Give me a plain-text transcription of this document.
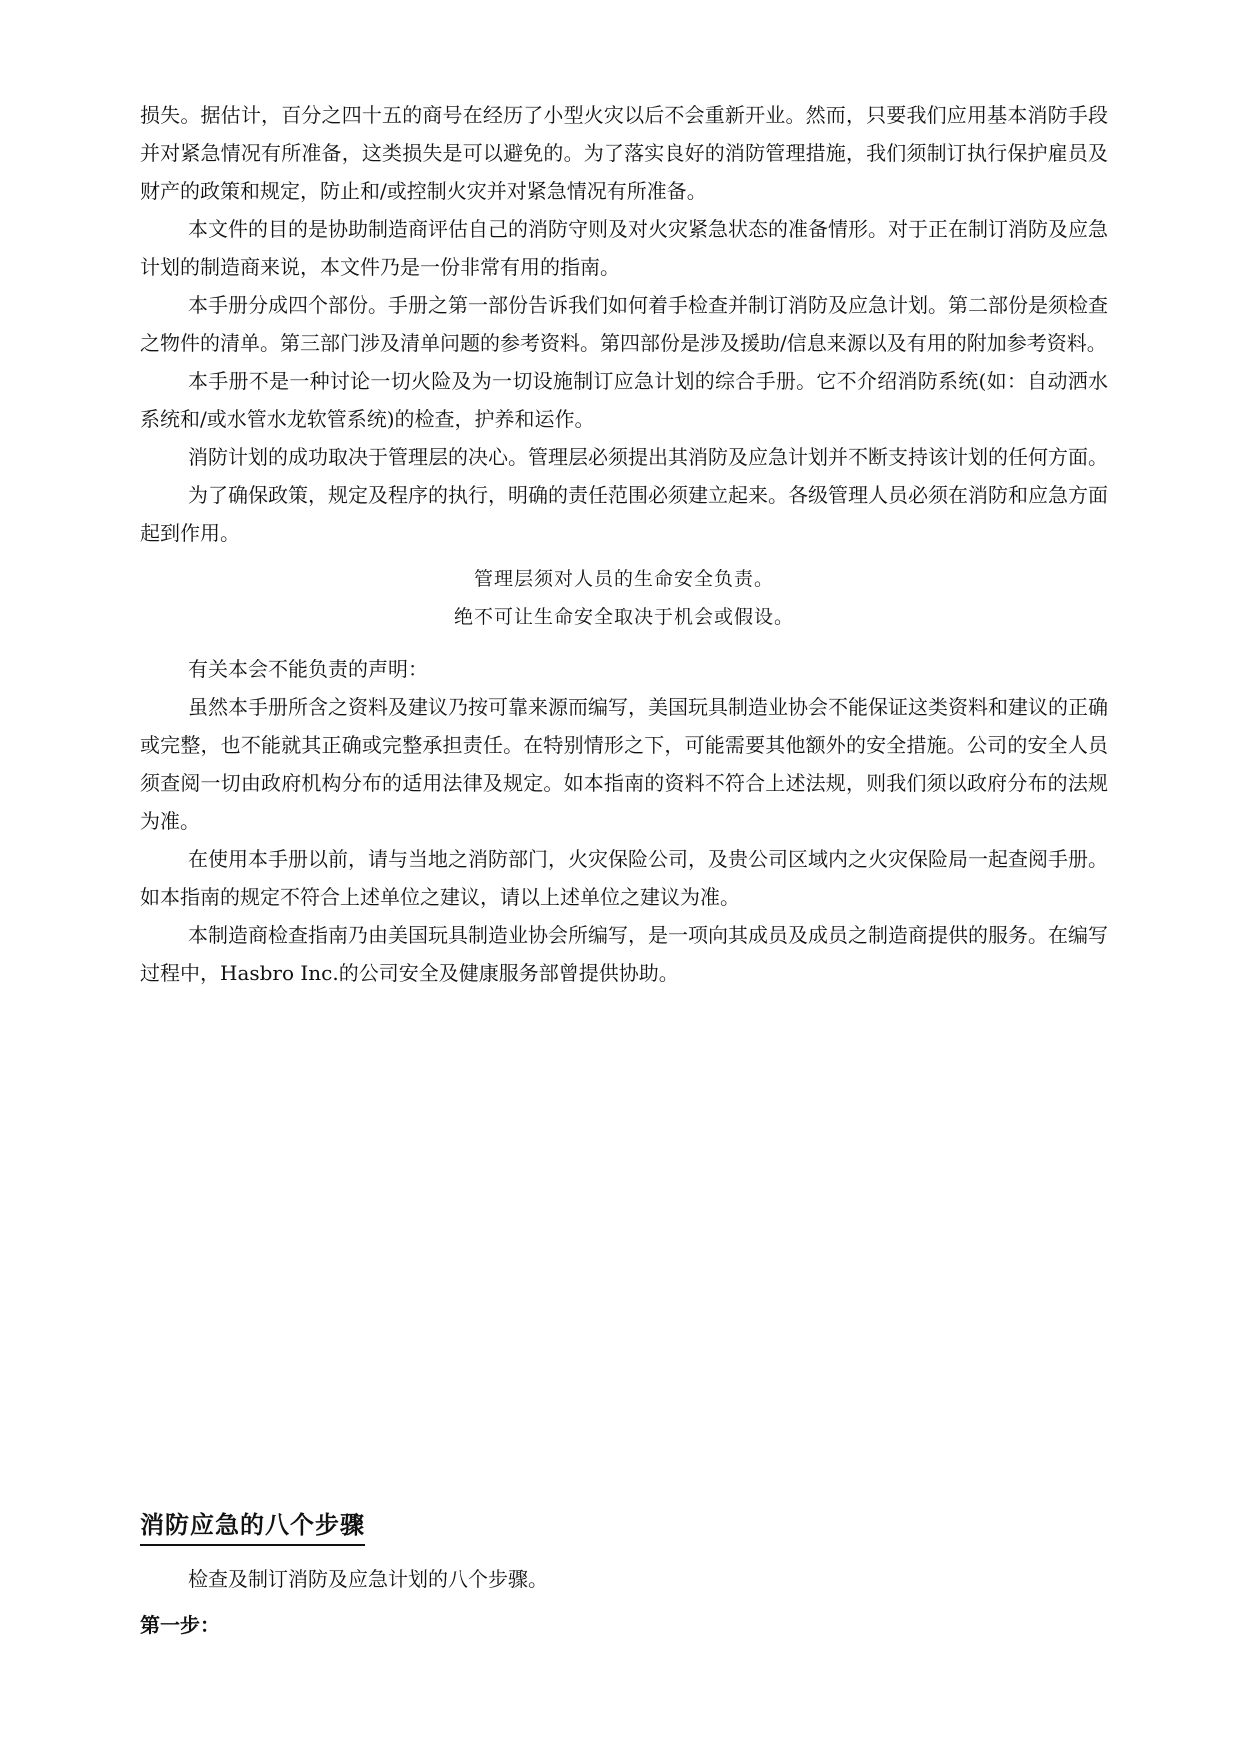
损失。据估计，百分之四十五的商号在经历了小型火灾以后不会重新开业。然而，只要我们应用基本消防手段并对紧急情况有所准备，这类损失是可以避免的。为了落实良好的消防管理措施，我们须制订执行保护雇员及财产的政策和规定，防止和/或控制火灾并对紧急情况有所准备。

本文件的目的是协助制造商评估自己的消防守则及对火灾紧急状态的准备情形。对于正在制订消防及应急计划的制造商来说，本文件乃是一份非常有用的指南。

本手册分成四个部份。手册之第一部份告诉我们如何着手检查并制订消防及应急计划。第二部份是须检查之物件的清单。第三部门涉及清单问题的参考资料。第四部份是涉及援助/信息来源以及有用的附加参考资料。

本手册不是一种讨论一切火险及为一切设施制订应急计划的综合手册。它不介绍消防系统(如：自动洒水系统和/或水管水龙软管系统)的检查，护养和运作。

消防计划的成功取决于管理层的决心。管理层必须提出其消防及应急计划并不断支持该计划的任何方面。

为了确保政策，规定及程序的执行，明确的责任范围必须建立起来。各级管理人员必须在消防和应急方面起到作用。

管理层须对人员的生命安全负责。
绝不可让生命安全取决于机会或假设。

有关本会不能负责的声明：

虽然本手册所含之资料及建议乃按可靠来源而编写，美国玩具制造业协会不能保证这类资料和建议的正确或完整，也不能就其正确或完整承担责任。在特别情形之下，可能需要其他额外的安全措施。公司的安全人员须查阅一切由政府机构分布的适用法律及规定。如本指南的资料不符合上述法规，则我们须以政府分布的法规为准。

在使用本手册以前，请与当地之消防部门，火灾保险公司，及贵公司区域内之火灾保险局一起查阅手册。如本指南的规定不符合上述单位之建议，请以上述单位之建议为准。

本制造商检查指南乃由美国玩具制造业协会所编写，是一项向其成员及成员之制造商提供的服务。在编写过程中，Hasbro Inc.的公司安全及健康服务部曾提供协助。

消防应急的八个步骤

检查及制订消防及应急计划的八个步骤。

第一步：
